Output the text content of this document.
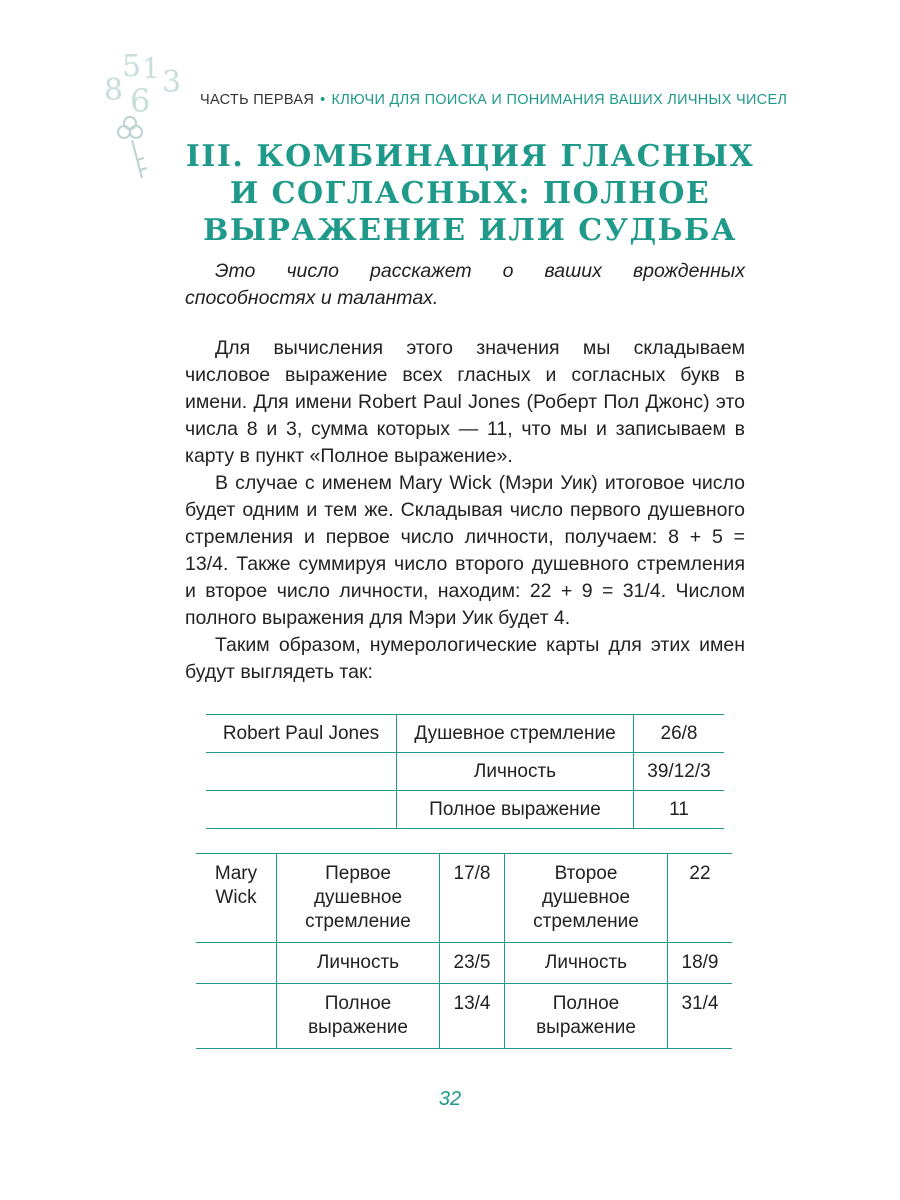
8
5 1 3
6	ЧАСТЬ ПЕРВАЯ • КЛЮЧИ ДЛЯ ПОИСКА И ПОНИМАНИЯ ВАШИХ ЛИЧНЫХ ЧИСЕЛ
III. КОМБИНАЦИЯ ГЛАСНЫХ
И СОГЛАСНЫХ: ПОЛНОЕ
ВЫРАЖЕНИЕ ИЛИ СУДЬБА

Это число расскажет о ваших врожденных способностях и талантах.

Для вычисления этого значения мы складываем числовое выражение всех гласных и согласных букв в имени. Для имени Robert Paul Jones (Роберт Пол Джонс) это числа 8 и 3, сумма которых — 11, что мы и записываем в карту в пункт «Полное выражение».

В случае с именем Mary Wick (Мэри Уик) итоговое число будет одним и тем же. Складывая число первого душевного стремления и первое число личности, получаем: 8 + 5 = 13/4. Также суммируя число второго душевного стремления и второе число личности, находим: 22 + 9 = 31/4. Числом полного выражения для Мэри Уик будет 4.

Таким образом, нумерологические карты для этих имен будут выглядеть так:

Robert Paul Jones	Душевное стремление	26/8
	Личность	39/12/3
	Полное выражение	11
Mary Wick	Первое душевное стремление	17/8	Второе душевное стремление	22
	Личность	23/5	Личность	18/9
	Полное выражение	13/4	Полное выражение	31/4
32
